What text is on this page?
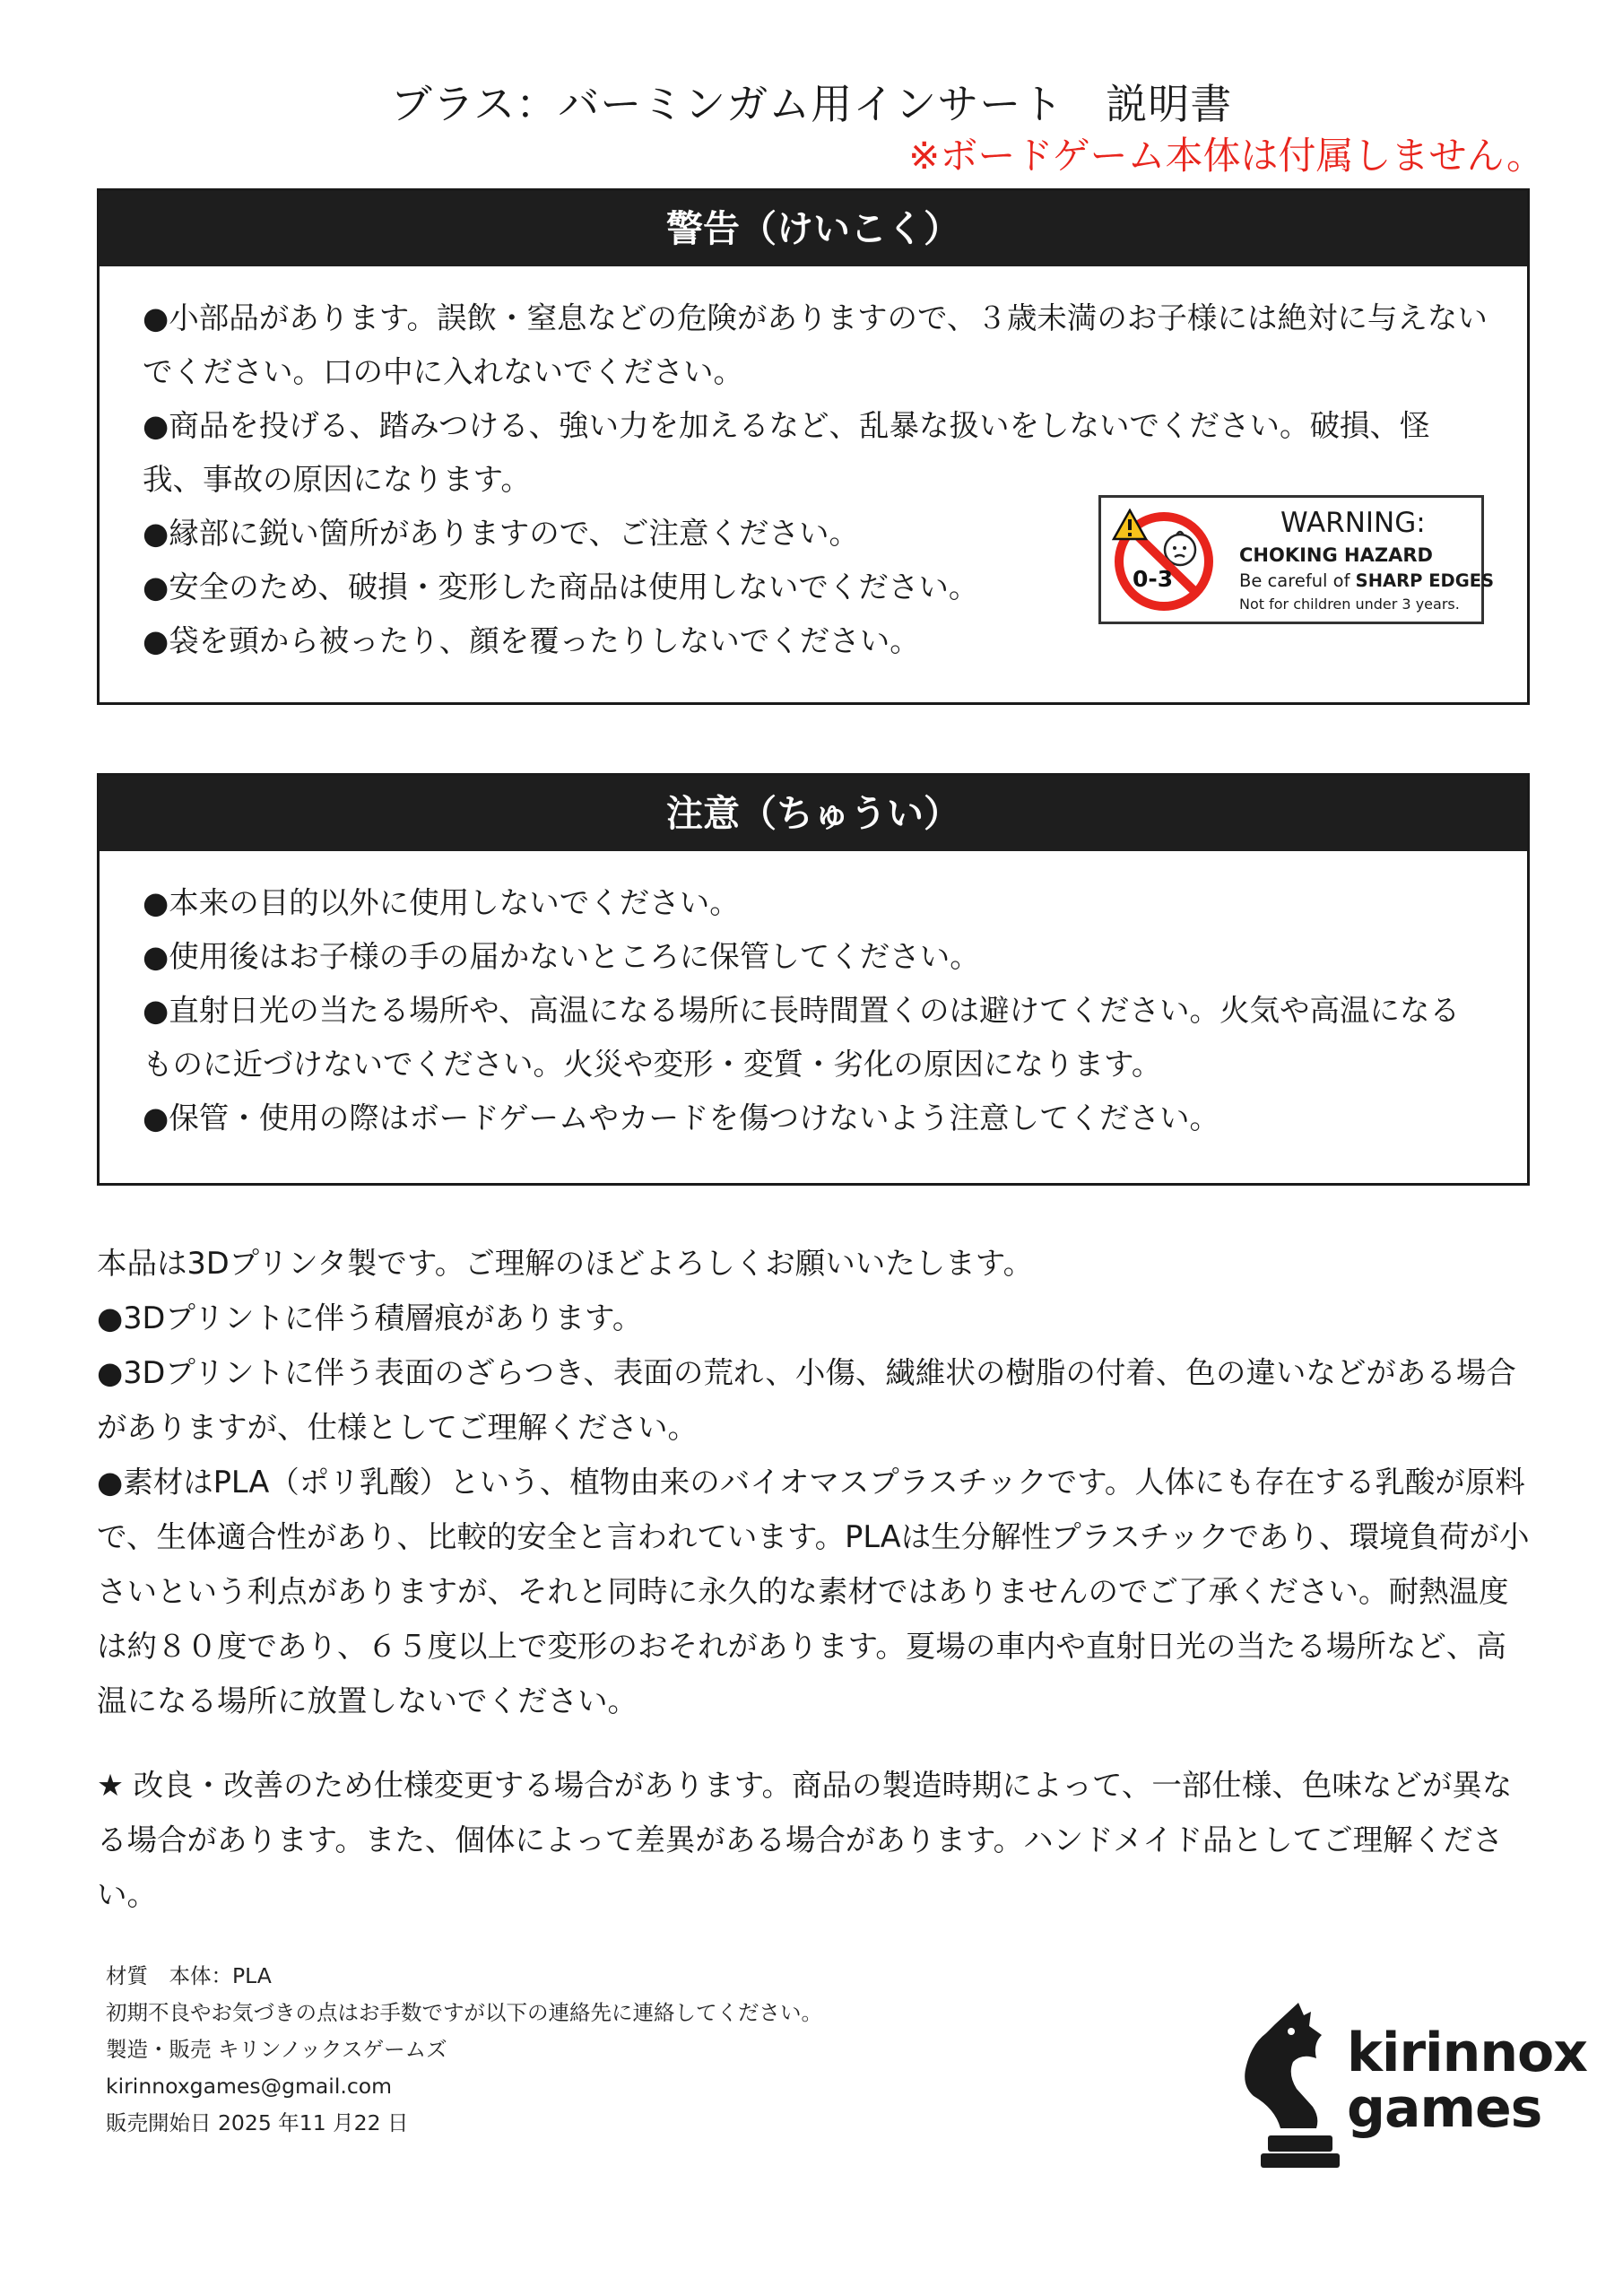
ブラス：バーミンガム用インサート　説明書
※ボードゲーム本体は付属しません。
警告（けいこく）

●小部品があります。誤飲・窒息などの危険がありますので、３歳未満のお子様には絶対に与えないでください。口の中に入れないでください。

●商品を投げる、踏みつける、強い力を加えるなど、乱暴な扱いをしないでください。破損、怪我、事故の原因になります。

●縁部に鋭い箇所がありますので、ご注意ください。

●安全のため、破損・変形した商品は使用しないでください。

●袋を頭から被ったり、顔を覆ったりしないでください。

0-3
WARNING:
CHOKING HAZARD
Be careful of SHARP EDGES
Not for children under 3 years.
注意（ちゅうい）

●本来の目的以外に使用しないでください。

●使用後はお子様の手の届かないところに保管してください。

●直射日光の当たる場所や、高温になる場所に長時間置くのは避けてください。火気や高温になるものに近づけないでください。火災や変形・変質・劣化の原因になります。

●保管・使用の際はボードゲームやカードを傷つけないよう注意してください。

本品は3Dプリンタ製です。ご理解のほどよろしくお願いいたします。

●3Dプリントに伴う積層痕があります。

●3Dプリントに伴う表面のざらつき、表面の荒れ、小傷、繊維状の樹脂の付着、色の違いなどがある場合がありますが、仕様としてご理解ください。

●素材はPLA（ポリ乳酸）という、植物由来のバイオマスプラスチックです。人体にも存在する乳酸が原料で、生体適合性があり、比較的安全と言われています。PLAは生分解性プラスチックであり、環境負荷が小さいという利点がありますが、それと同時に永久的な素材ではありませんのでご了承ください。耐熱温度は約８０度であり、６５度以上で変形のおそれがあります。夏場の車内や直射日光の当たる場所など、高温になる場所に放置しないでください。

★ 改良・改善のため仕様変更する場合があります。商品の製造時期によって、一部仕様、色味などが異なる場合があります。また、個体によって差異がある場合があります。ハンドメイド品としてご理解ください。

材質　本体：PLA

初期不良やお気づきの点はお手数ですが以下の連絡先に連絡してください。

製造・販売 キリンノックスゲームズ

kirinnoxgames@gmail.com

販売開始日 2025 年11 月22 日

kirinnox
games
